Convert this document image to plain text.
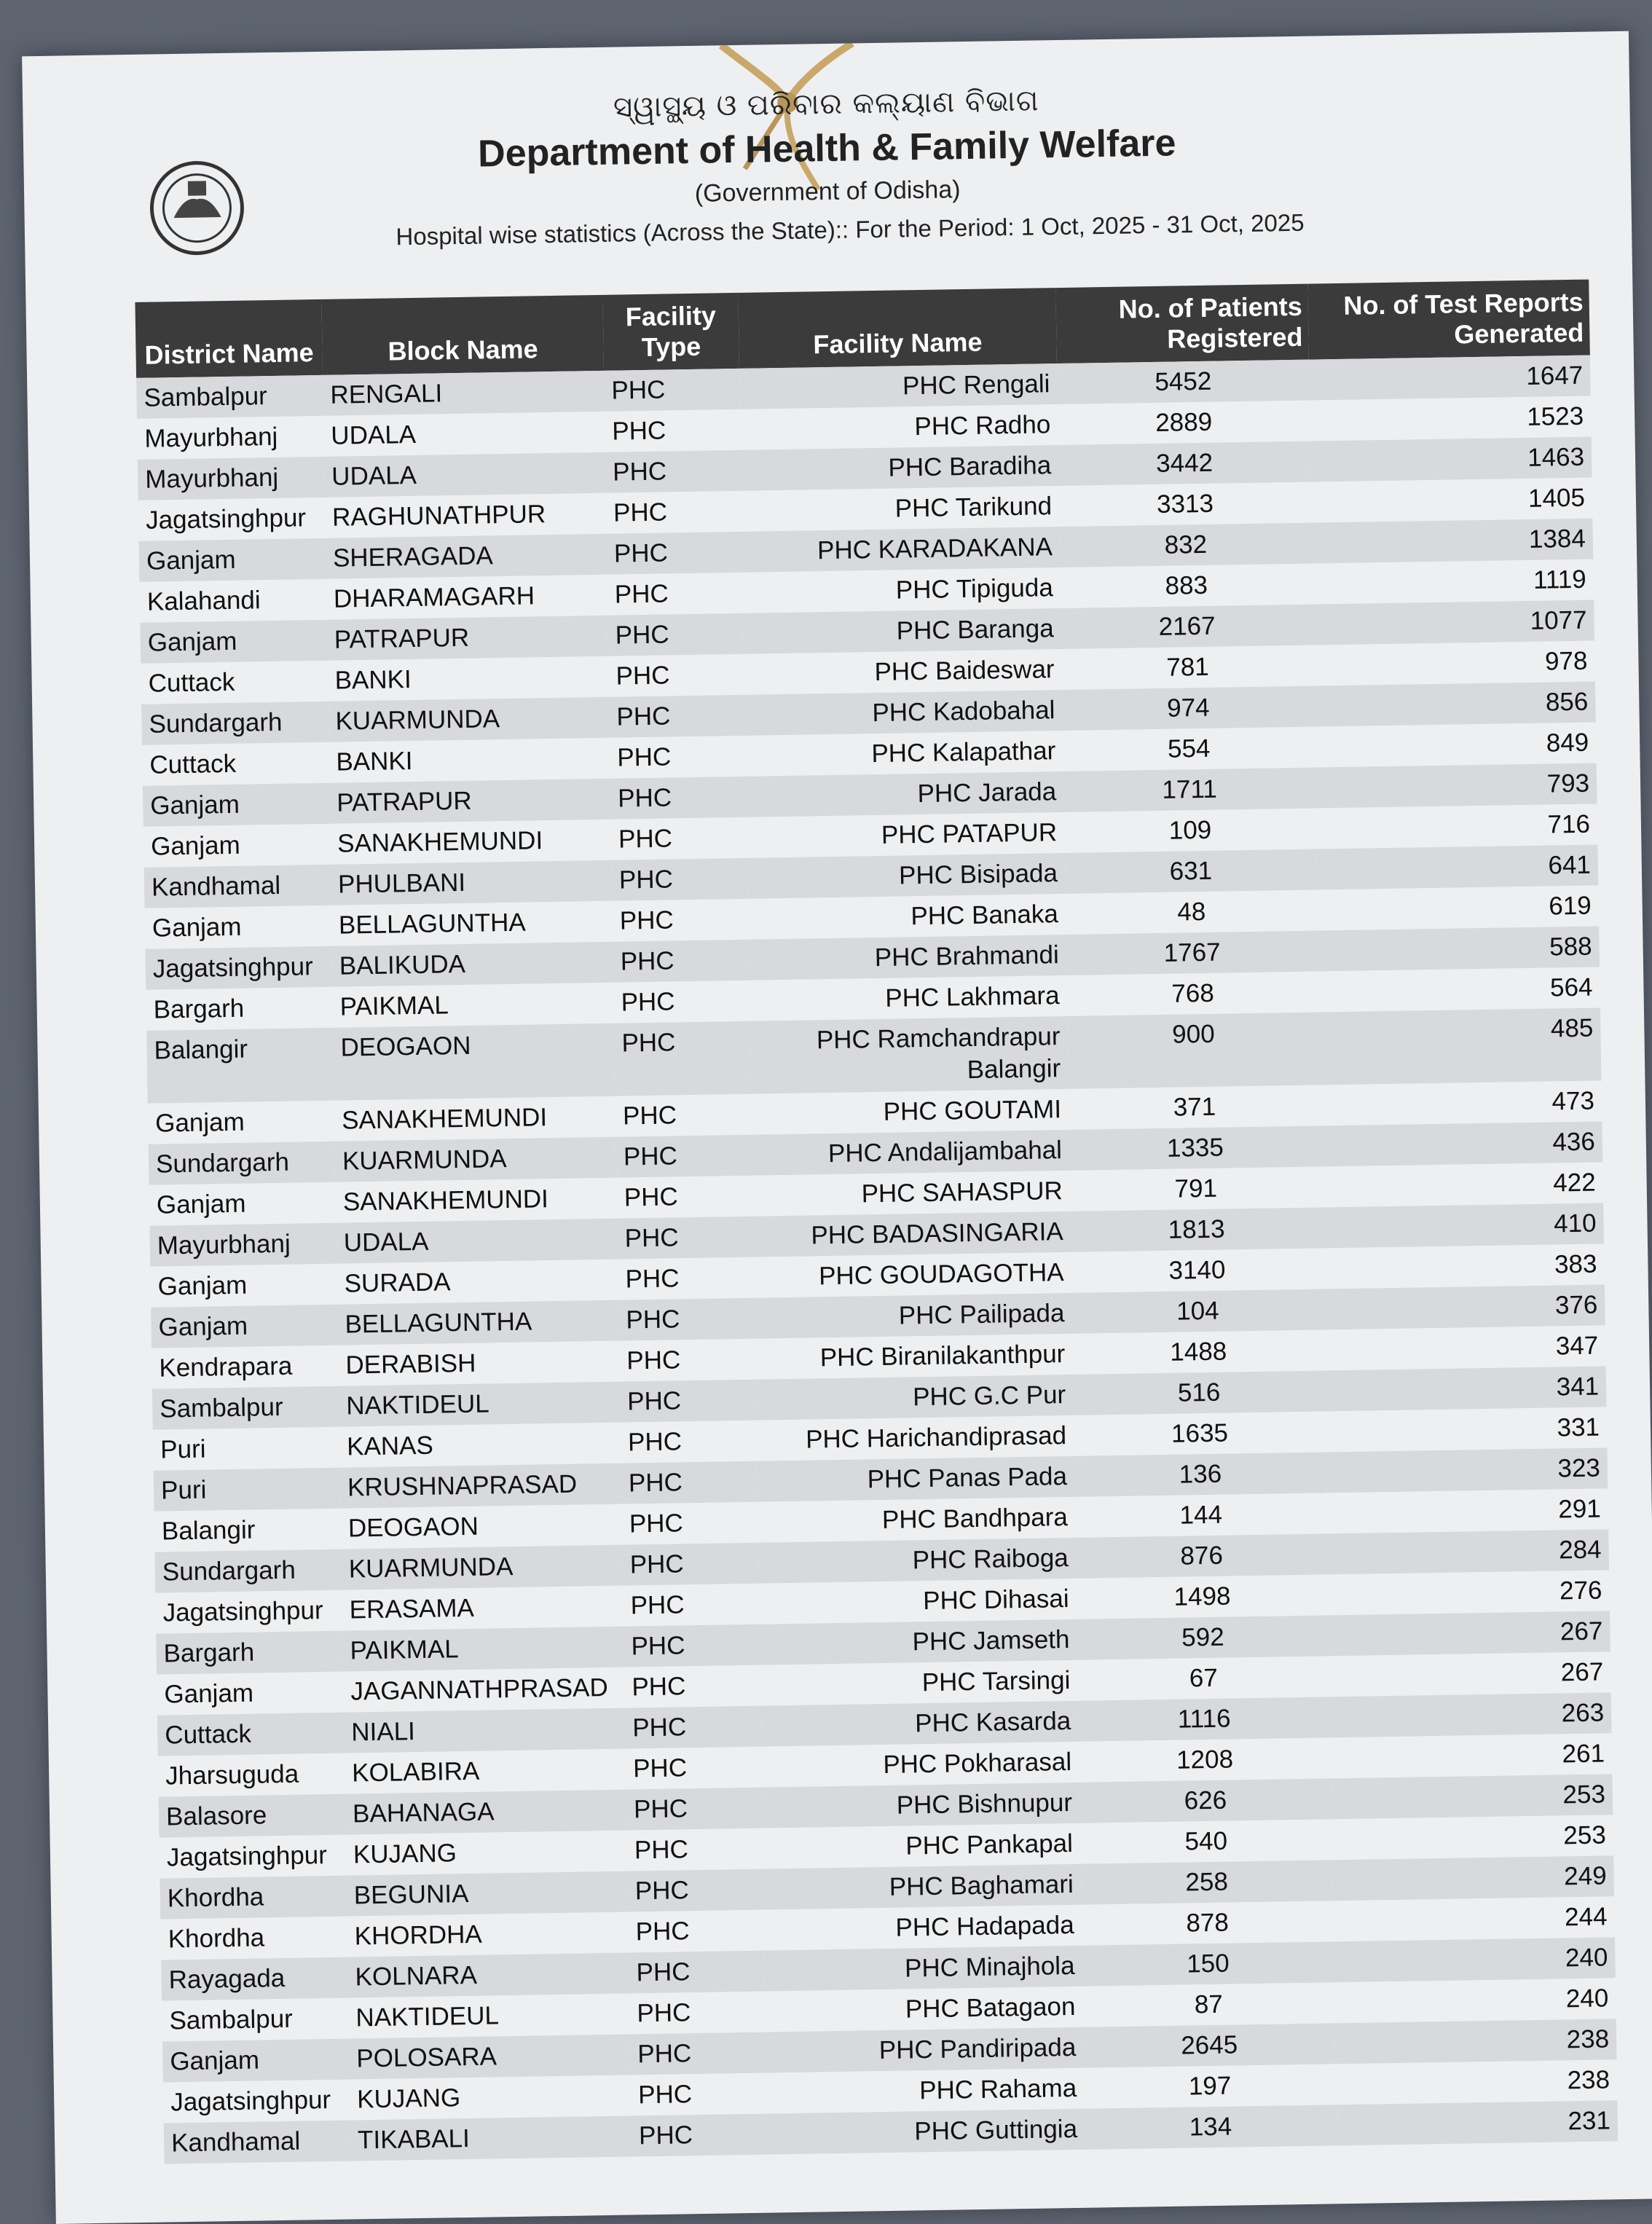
ସ୍ୱାସ୍ଥ୍ୟ ଓ ପରିବାର କଲ୍ୟାଣ ବିଭାଗ
Department of Health & Family Welfare
(Government of Odisha)
Hospital wise statistics (Across the State):: For the Period: 1 Oct, 2025 - 31 Oct, 2025
District Name	Block Name	Facility Type	Facility Name	No. of Patients Registered	No. of Test Reports Generated
Sambalpur	RENGALI	PHC	PHC Rengali	5452	1647
Mayurbhanj	UDALA	PHC	PHC Radho	2889	1523
Mayurbhanj	UDALA	PHC	PHC Baradiha	3442	1463
Jagatsinghpur	RAGHUNATHPUR	PHC	PHC Tarikund	3313	1405
Ganjam	SHERAGADA	PHC	PHC KARADAKANA	832	1384
Kalahandi	DHARAMAGARH	PHC	PHC Tipiguda	883	1119
Ganjam	PATRAPUR	PHC	PHC Baranga	2167	1077
Cuttack	BANKI	PHC	PHC Baideswar	781	978
Sundargarh	KUARMUNDA	PHC	PHC Kadobahal	974	856
Cuttack	BANKI	PHC	PHC Kalapathar	554	849
Ganjam	PATRAPUR	PHC	PHC Jarada	1711	793
Ganjam	SANAKHEMUNDI	PHC	PHC PATAPUR	109	716
Kandhamal	PHULBANI	PHC	PHC Bisipada	631	641
Ganjam	BELLAGUNTHA	PHC	PHC Banaka	48	619
Jagatsinghpur	BALIKUDA	PHC	PHC Brahmandi	1767	588
Bargarh	PAIKMAL	PHC	PHC Lakhmara	768	564
Balangir	DEOGAON	PHC	PHC Ramchandrapur Balangir	900	485
Ganjam	SANAKHEMUNDI	PHC	PHC GOUTAMI	371	473
Sundargarh	KUARMUNDA	PHC	PHC Andalijambahal	1335	436
Ganjam	SANAKHEMUNDI	PHC	PHC SAHASPUR	791	422
Mayurbhanj	UDALA	PHC	PHC BADASINGARIA	1813	410
Ganjam	SURADA	PHC	PHC GOUDAGOTHA	3140	383
Ganjam	BELLAGUNTHA	PHC	PHC Pailipada	104	376
Kendrapara	DERABISH	PHC	PHC Biranilakanthpur	1488	347
Sambalpur	NAKTIDEUL	PHC	PHC G.C Pur	516	341
Puri	KANAS	PHC	PHC Harichandiprasad	1635	331
Puri	KRUSHNAPRASAD	PHC	PHC Panas Pada	136	323
Balangir	DEOGAON	PHC	PHC Bandhpara	144	291
Sundargarh	KUARMUNDA	PHC	PHC Raiboga	876	284
Jagatsinghpur	ERASAMA	PHC	PHC Dihasai	1498	276
Bargarh	PAIKMAL	PHC	PHC Jamseth	592	267
Ganjam	JAGANNATHPRASAD	PHC	PHC Tarsingi	67	267
Cuttack	NIALI	PHC	PHC Kasarda	1116	263
Jharsuguda	KOLABIRA	PHC	PHC Pokharasal	1208	261
Balasore	BAHANAGA	PHC	PHC Bishnupur	626	253
Jagatsinghpur	KUJANG	PHC	PHC Pankapal	540	253
Khordha	BEGUNIA	PHC	PHC Baghamari	258	249
Khordha	KHORDHA	PHC	PHC Hadapada	878	244
Rayagada	KOLNARA	PHC	PHC Minajhola	150	240
Sambalpur	NAKTIDEUL	PHC	PHC Batagaon	87	240
Ganjam	POLOSARA	PHC	PHC Pandiripada	2645	238
Jagatsinghpur	KUJANG	PHC	PHC Rahama	197	238
Kandhamal	TIKABALI	PHC	PHC Guttingia	134	231
